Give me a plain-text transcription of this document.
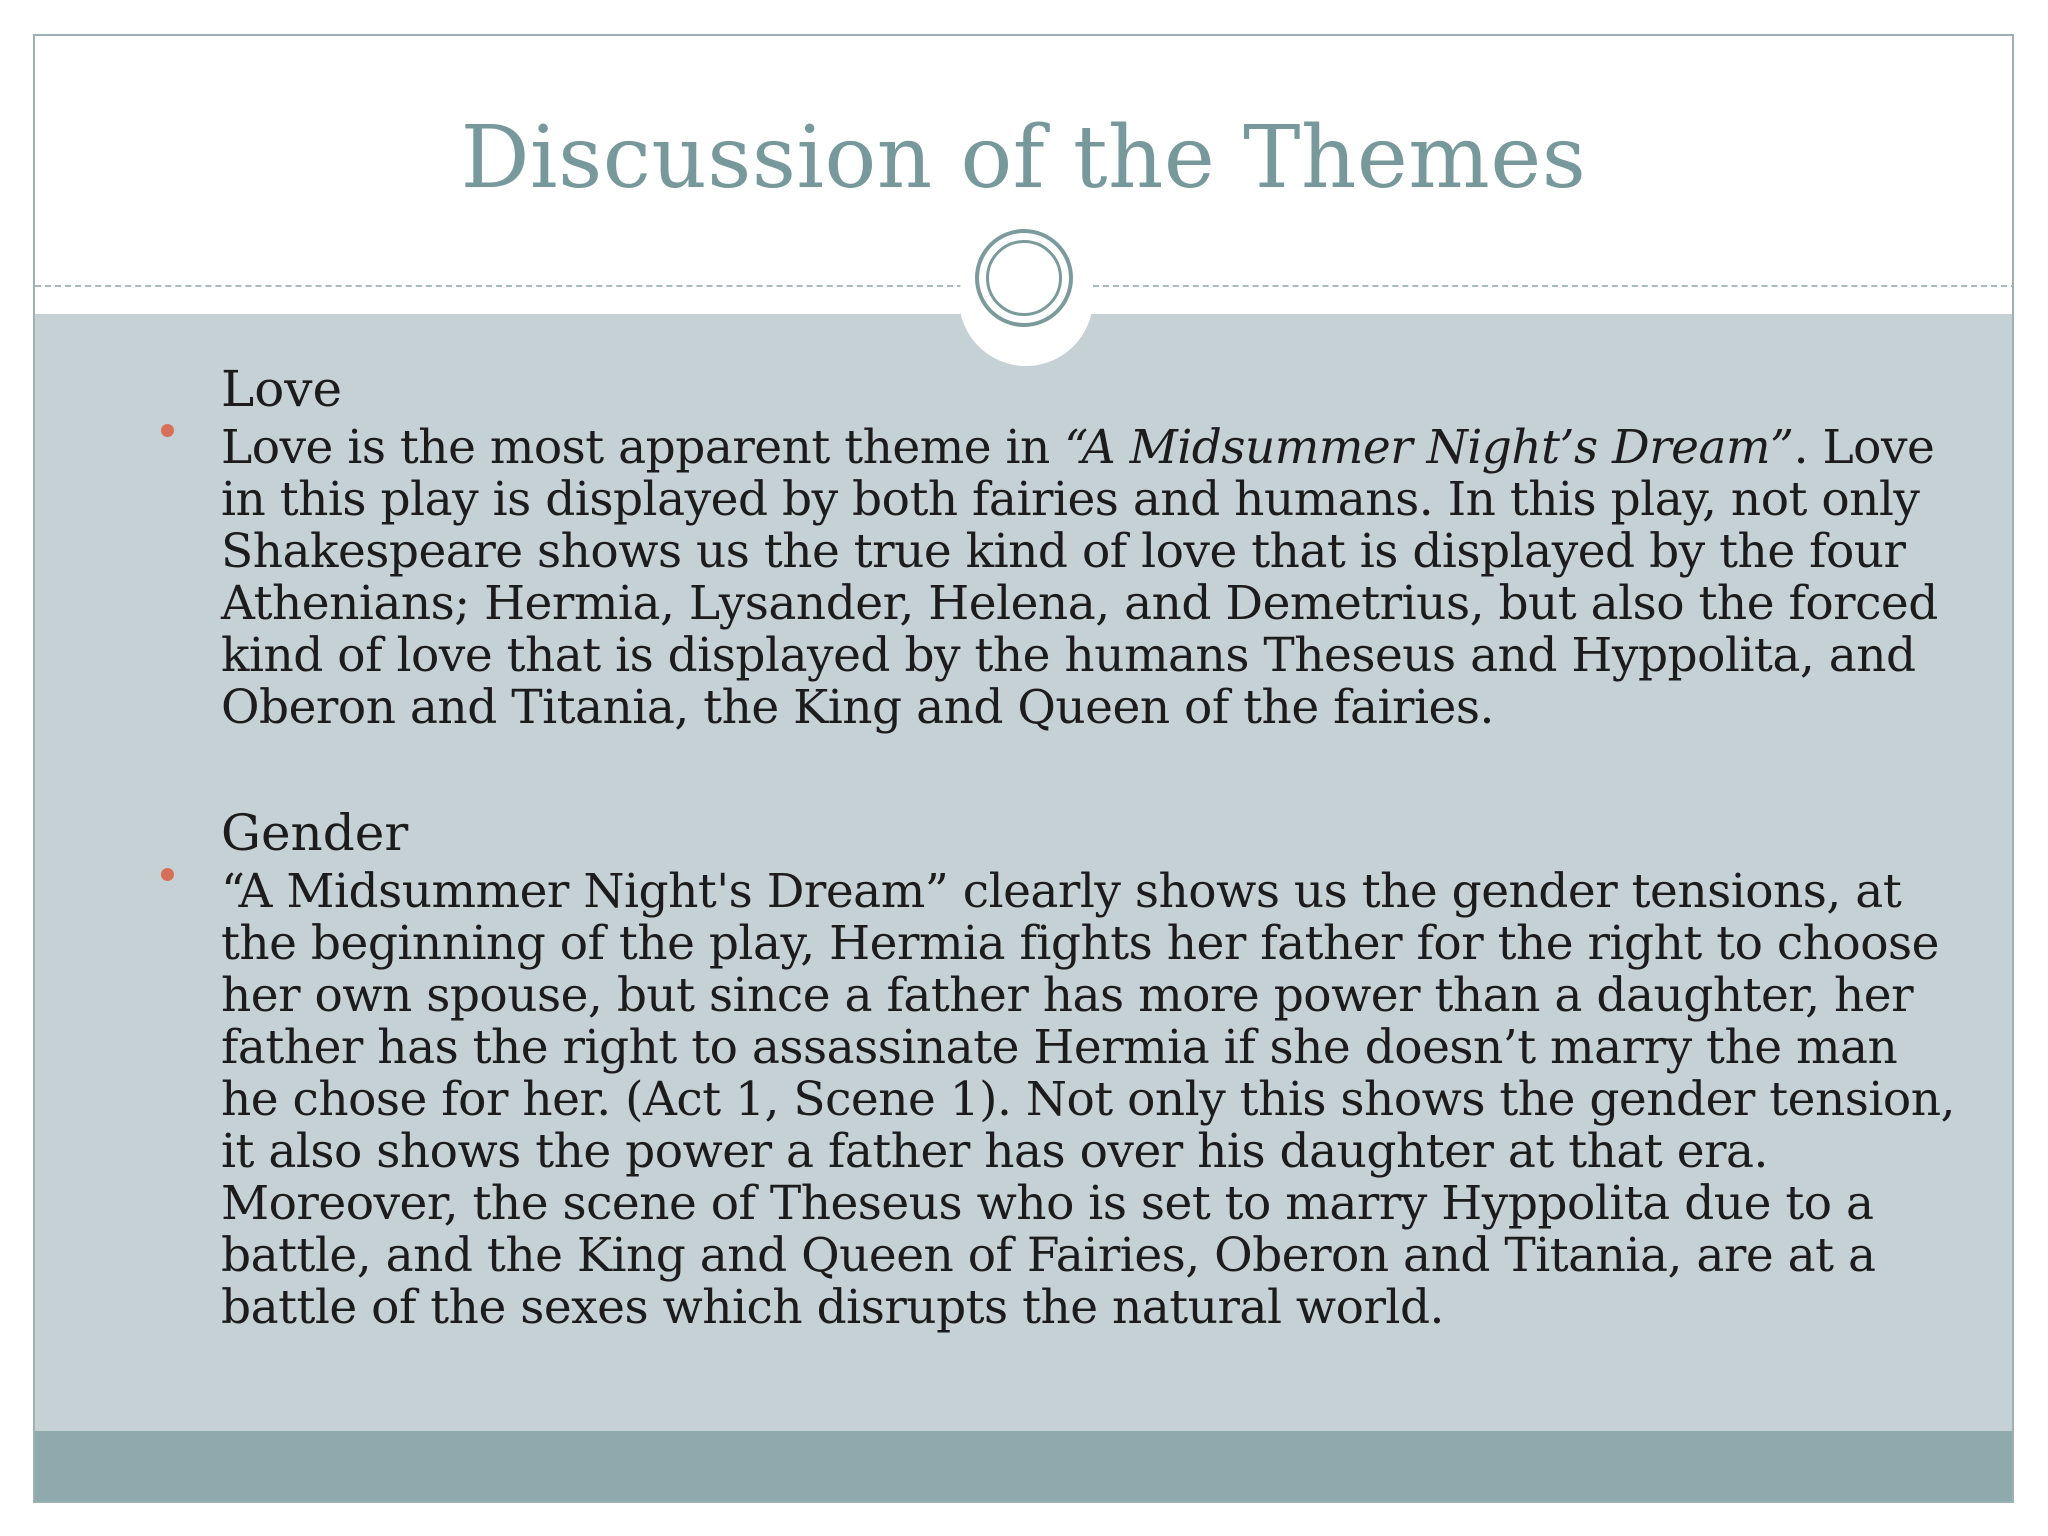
Discussion of the Themes

Love

Love is the most apparent theme in “A Midsummer Night’s Dream”. Love in this play is displayed by both fairies and humans. In this play, not only Shakespeare shows us the true kind of love that is displayed by the four Athenians; Hermia, Lysander, Helena, and Demetrius, but also the forced kind of love that is displayed by the humans Theseus and Hyppolita, and Oberon and Titania, the King and Queen of the fairies.

Gender

“A Midsummer Night's Dream” clearly shows us the gender tensions, at the beginning of the play, Hermia fights her father for the right to choose her own spouse, but since a father has more power than a daughter, her father has the right to assassinate Hermia if she doesn’t marry the man he chose for her. (Act 1, Scene 1). Not only this shows the gender tension, it also shows the power a father has over his daughter at that era. Moreover, the scene of Theseus who is set to marry Hyppolita due to a battle, and the King and Queen of Fairies, Oberon and Titania, are at a battle of the sexes which disrupts the natural world.
